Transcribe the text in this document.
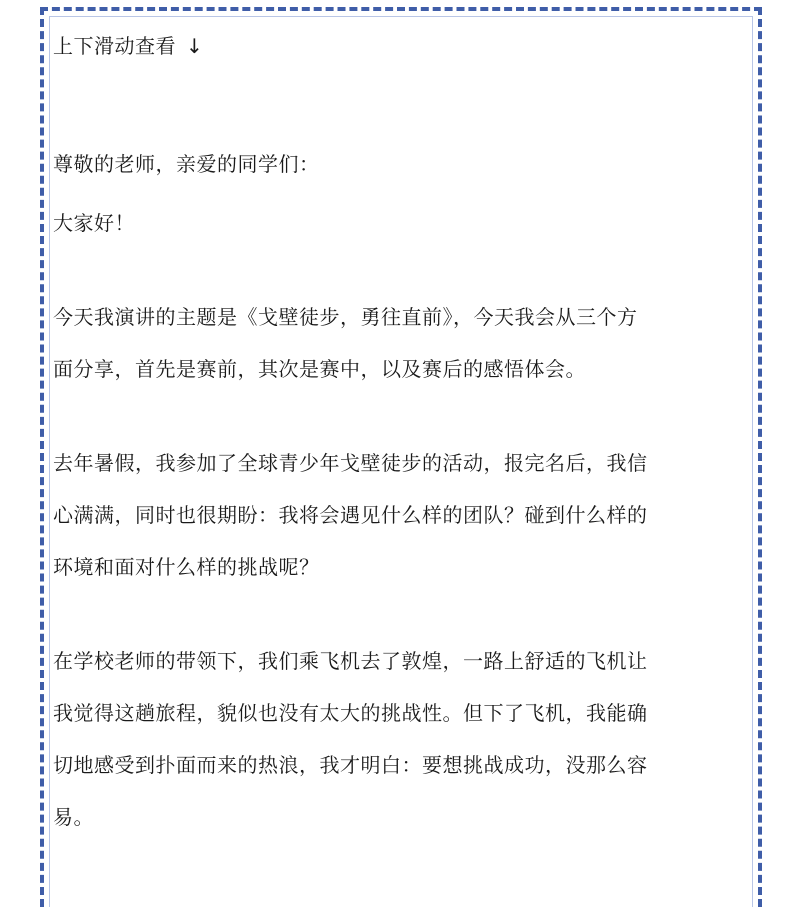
上下滑动查看 ↓
尊敬的老师，亲爱的同学们：
大家好！
今天我演讲的主题是《戈壁徒步，勇往直前》，今天我会从三个方
面分享，首先是赛前，其次是赛中，以及赛后的感悟体会。
去年暑假，我参加了全球青少年戈壁徒步的活动，报完名后，我信
心满满，同时也很期盼：我将会遇见什么样的团队？碰到什么样的
环境和面对什么样的挑战呢？
在学校老师的带领下，我们乘飞机去了敦煌，一路上舒适的飞机让
我觉得这趟旅程，貌似也没有太大的挑战性。但下了飞机，我能确
切地感受到扑面而来的热浪，我才明白：要想挑战成功，没那么容
易。
